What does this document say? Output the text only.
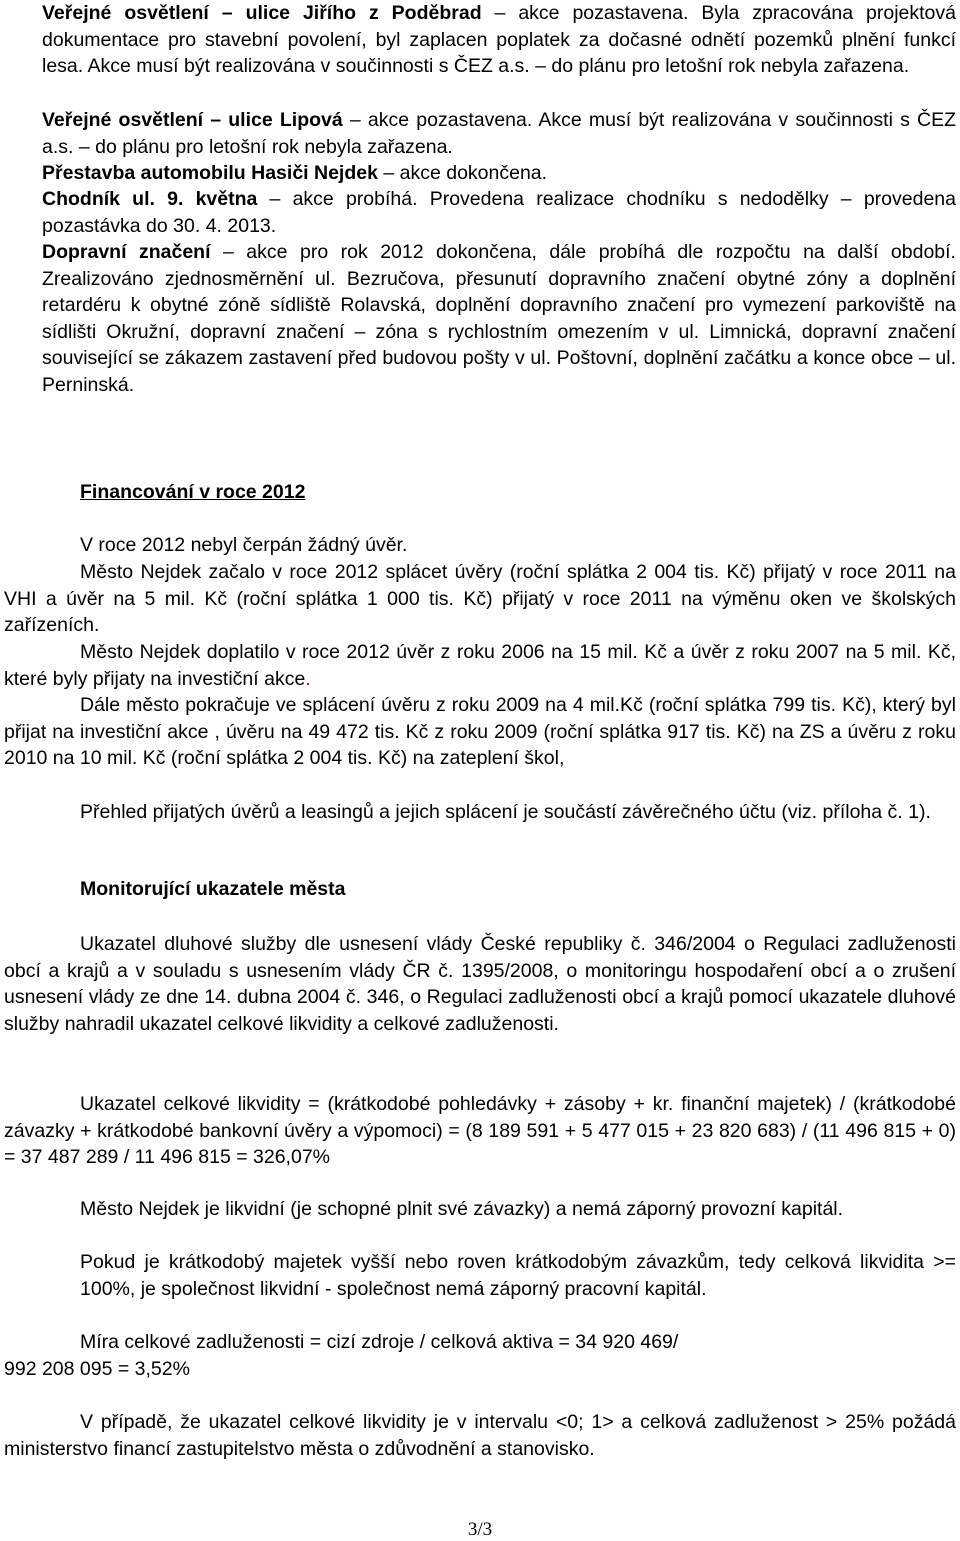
Veřejné osvětlení – ulice Jiřího z Poděbrad – akce pozastavena. Byla zpracována projektová dokumentace pro stavební povolení, byl zaplacen poplatek za dočasné odnětí pozemků plnění funkcí lesa. Akce musí být realizována v součinnosti s ČEZ a.s. – do plánu pro letošní rok nebyla zařazena.

Veřejné osvětlení – ulice Lipová – akce pozastavena. Akce musí být realizována v součinnosti s ČEZ a.s. – do plánu pro letošní rok nebyla zařazena.

Přestavba automobilu Hasiči Nejdek – akce dokončena.

Chodník ul. 9. května – akce probíhá. Provedena realizace chodníku s nedodělky – provedena pozastávka do 30. 4. 2013.

Dopravní značení – akce pro rok 2012 dokončena, dále probíhá dle rozpočtu na další období. Zrealizováno zjednosměrnění ul. Bezručova, přesunutí dopravního značení obytné zóny a doplnění retardéru k obytné zóně sídliště Rolavská, doplnění dopravního značení pro vymezení parkoviště na sídlišti Okružní, dopravní značení – zóna s rychlostním omezením v ul. Limnická, dopravní značení související se zákazem zastavení před budovou pošty v ul. Poštovní, doplnění začátku a konce obce – ul. Perninská.

Financování v roce 2012

V roce 2012 nebyl čerpán žádný úvěr.

Město Nejdek začalo v roce 2012 splácet úvěry (roční splátka 2 004 tis. Kč) přijatý v roce 2011 na VHI a úvěr na 5 mil. Kč (roční splátka 1 000 tis. Kč) přijatý v roce 2011 na výměnu oken ve školských zařízeních.

Město Nejdek doplatilo v roce 2012 úvěr z roku 2006 na 15 mil. Kč a úvěr z roku 2007 na 5 mil. Kč, které byly přijaty na investiční akce.

Dále město pokračuje ve splácení úvěru z roku 2009 na 4 mil.Kč (roční splátka 799 tis. Kč), který byl přijat na investiční akce , úvěru na 49 472 tis. Kč z roku 2009 (roční splátka 917 tis. Kč) na ZS a úvěru z roku 2010 na 10 mil. Kč (roční splátka 2 004 tis. Kč) na zateplení škol,

Přehled přijatých úvěrů a leasingů a jejich splácení je součástí závěrečného účtu (viz. příloha č. 1).

Monitorující ukazatele města

Ukazatel dluhové služby dle usnesení vlády České republiky č. 346/2004 o Regulaci zadluženosti obcí a krajů a v souladu s usnesením vlády ČR č. 1395/2008, o monitoringu hospodaření obcí a o zrušení usnesení vlády ze dne 14. dubna 2004 č. 346, o Regulaci zadluženosti obcí a krajů pomocí ukazatele dluhové služby nahradil ukazatel celkové likvidity a celkové zadluženosti.

Ukazatel celkové likvidity = (krátkodobé pohledávky + zásoby + kr. finanční majetek) / (krátkodobé závazky + krátkodobé bankovní úvěry a výpomoci) = (8 189 591 + 5 477 015 + 23 820 683) / (11 496 815 + 0) = 37 487 289 / 11 496 815 = 326,07%

Město Nejdek je likvidní (je schopné plnit své závazky) a nemá záporný provozní kapitál.

Pokud je krátkodobý majetek vyšší nebo roven krátkodobým závazkům, tedy celková likvidita >= 100%, je společnost likvidní - společnost nemá záporný pracovní kapitál.

Míra celkové zadluženosti = cizí zdroje / celková aktiva = 34 920 469/

992 208 095 = 3,52%

V případě, že ukazatel celkové likvidity je v intervalu <0; 1> a celková zadluženost > 25% požádá ministerstvo financí zastupitelstvo města o zdůvodnění a stanovisko.

3/3
